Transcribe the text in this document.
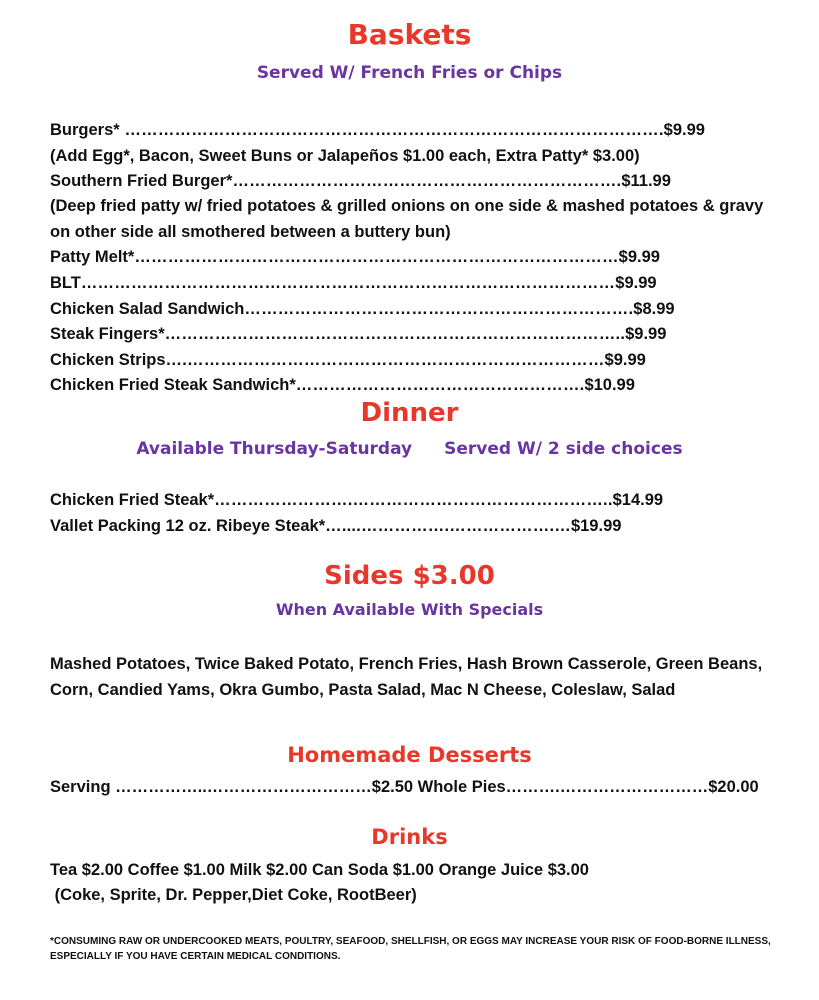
Baskets
Served W/ French Fries or Chips
Burgers* …………………………………………………………………………………….$9.99
(Add Egg*, Bacon, Sweet Buns or Jalapeños $1.00 each, Extra Patty* $3.00)
Southern Fried Burger*…………………………………………………………….$11.99
(Deep fried patty w/ fried potatoes & grilled onions on one side & mashed potatoes & gravy
on other side all smothered between a buttery bun)
Patty Melt*……………………………………………………………………………$9.99
BLT……………………………………………………………………………………$9.99
Chicken Salad Sandwich…………………………………………………………….$8.99
Steak Fingers*………………………………………………………………………..$9.99
Chicken Strips….…………………………………………………………………$9.99
Chicken Fried Steak Sandwich*…………………………………………….$10.99
Dinner
Available Thursday-Saturday Served W/ 2 side choices
Chicken Fried Steak*…………………….………………………………………..$14.99
Vallet Packing 12 oz. Ribeye Steak*…....…………….……………….…$19.99
Sides $3.00
When Available With Specials
Mashed Potatoes, Twice Baked Potato, French Fries, Hash Brown Casserole, Green Beans,
Corn, Candied Yams, Okra Gumbo, Pasta Salad, Mac N Cheese, Coleslaw, Salad
Homemade Desserts
Serving ……………..…………………………$2.50 Whole Pies……….………………………$20.00
Drinks
Tea $2.00 Coffee $1.00 Milk $2.00 Can Soda $1.00 Orange Juice $3.00
(Coke, Sprite, Dr. Pepper,Diet Coke, RootBeer)
*CONSUMING RAW OR UNDERCOOKED MEATS, POULTRY, SEAFOOD, SHELLFISH, OR EGGS MAY INCREASE YOUR RISK OF FOOD-BORNE ILLNESS,
ESPECIALLY IF YOU HAVE CERTAIN MEDICAL CONDITIONS.
